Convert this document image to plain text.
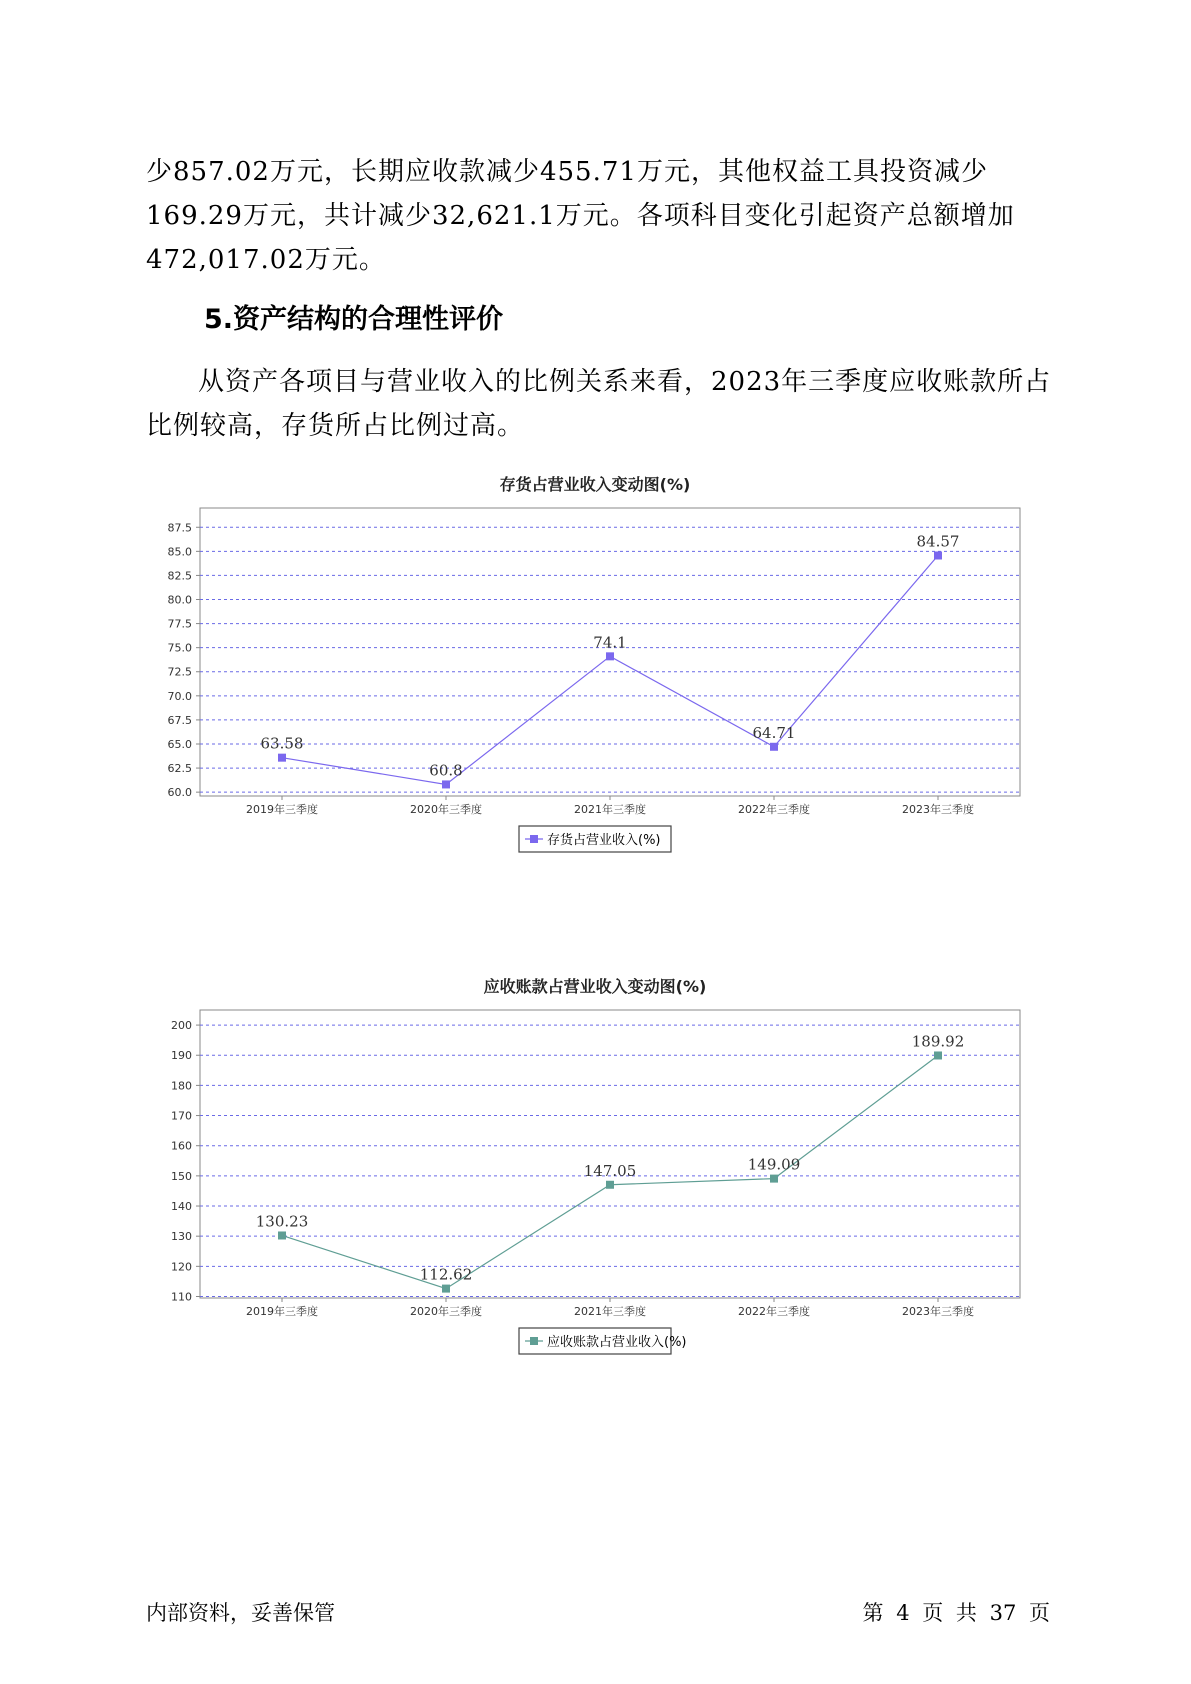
少857.02万元，长期应收款减少455.71万元，其他权益工具投资减少169.29万元，共计减少32,621.1万元。各项科目变化引起资产总额增加472,017.02万元。

5.资产结构的合理性评价

从资产各项目与营业收入的比例关系来看，2023年三季度应收账款所占比例较高，存货所占比例过高。

存货占营业收入变动图(%)
60.0
62.5
65.0
67.5
70.0
72.5
75.0
77.5
80.0
82.5
85.0
87.5
2019年三季度	2020年三季度	2021年三季度	2022年三季度	2023年三季度
63.58
60.8
74.1
64.71
84.57
存货占营业收入(%)
应收账款占营业收入变动图(%)
110
120
130
140
150
160
170
180
190
200
2019年三季度	2020年三季度	2021年三季度	2022年三季度	2023年三季度
130.23
112.62
147.05	149.09
189.92
应收账款占营业收入(%)
内部资料，妥善保管	第 4 页 共 37 页
